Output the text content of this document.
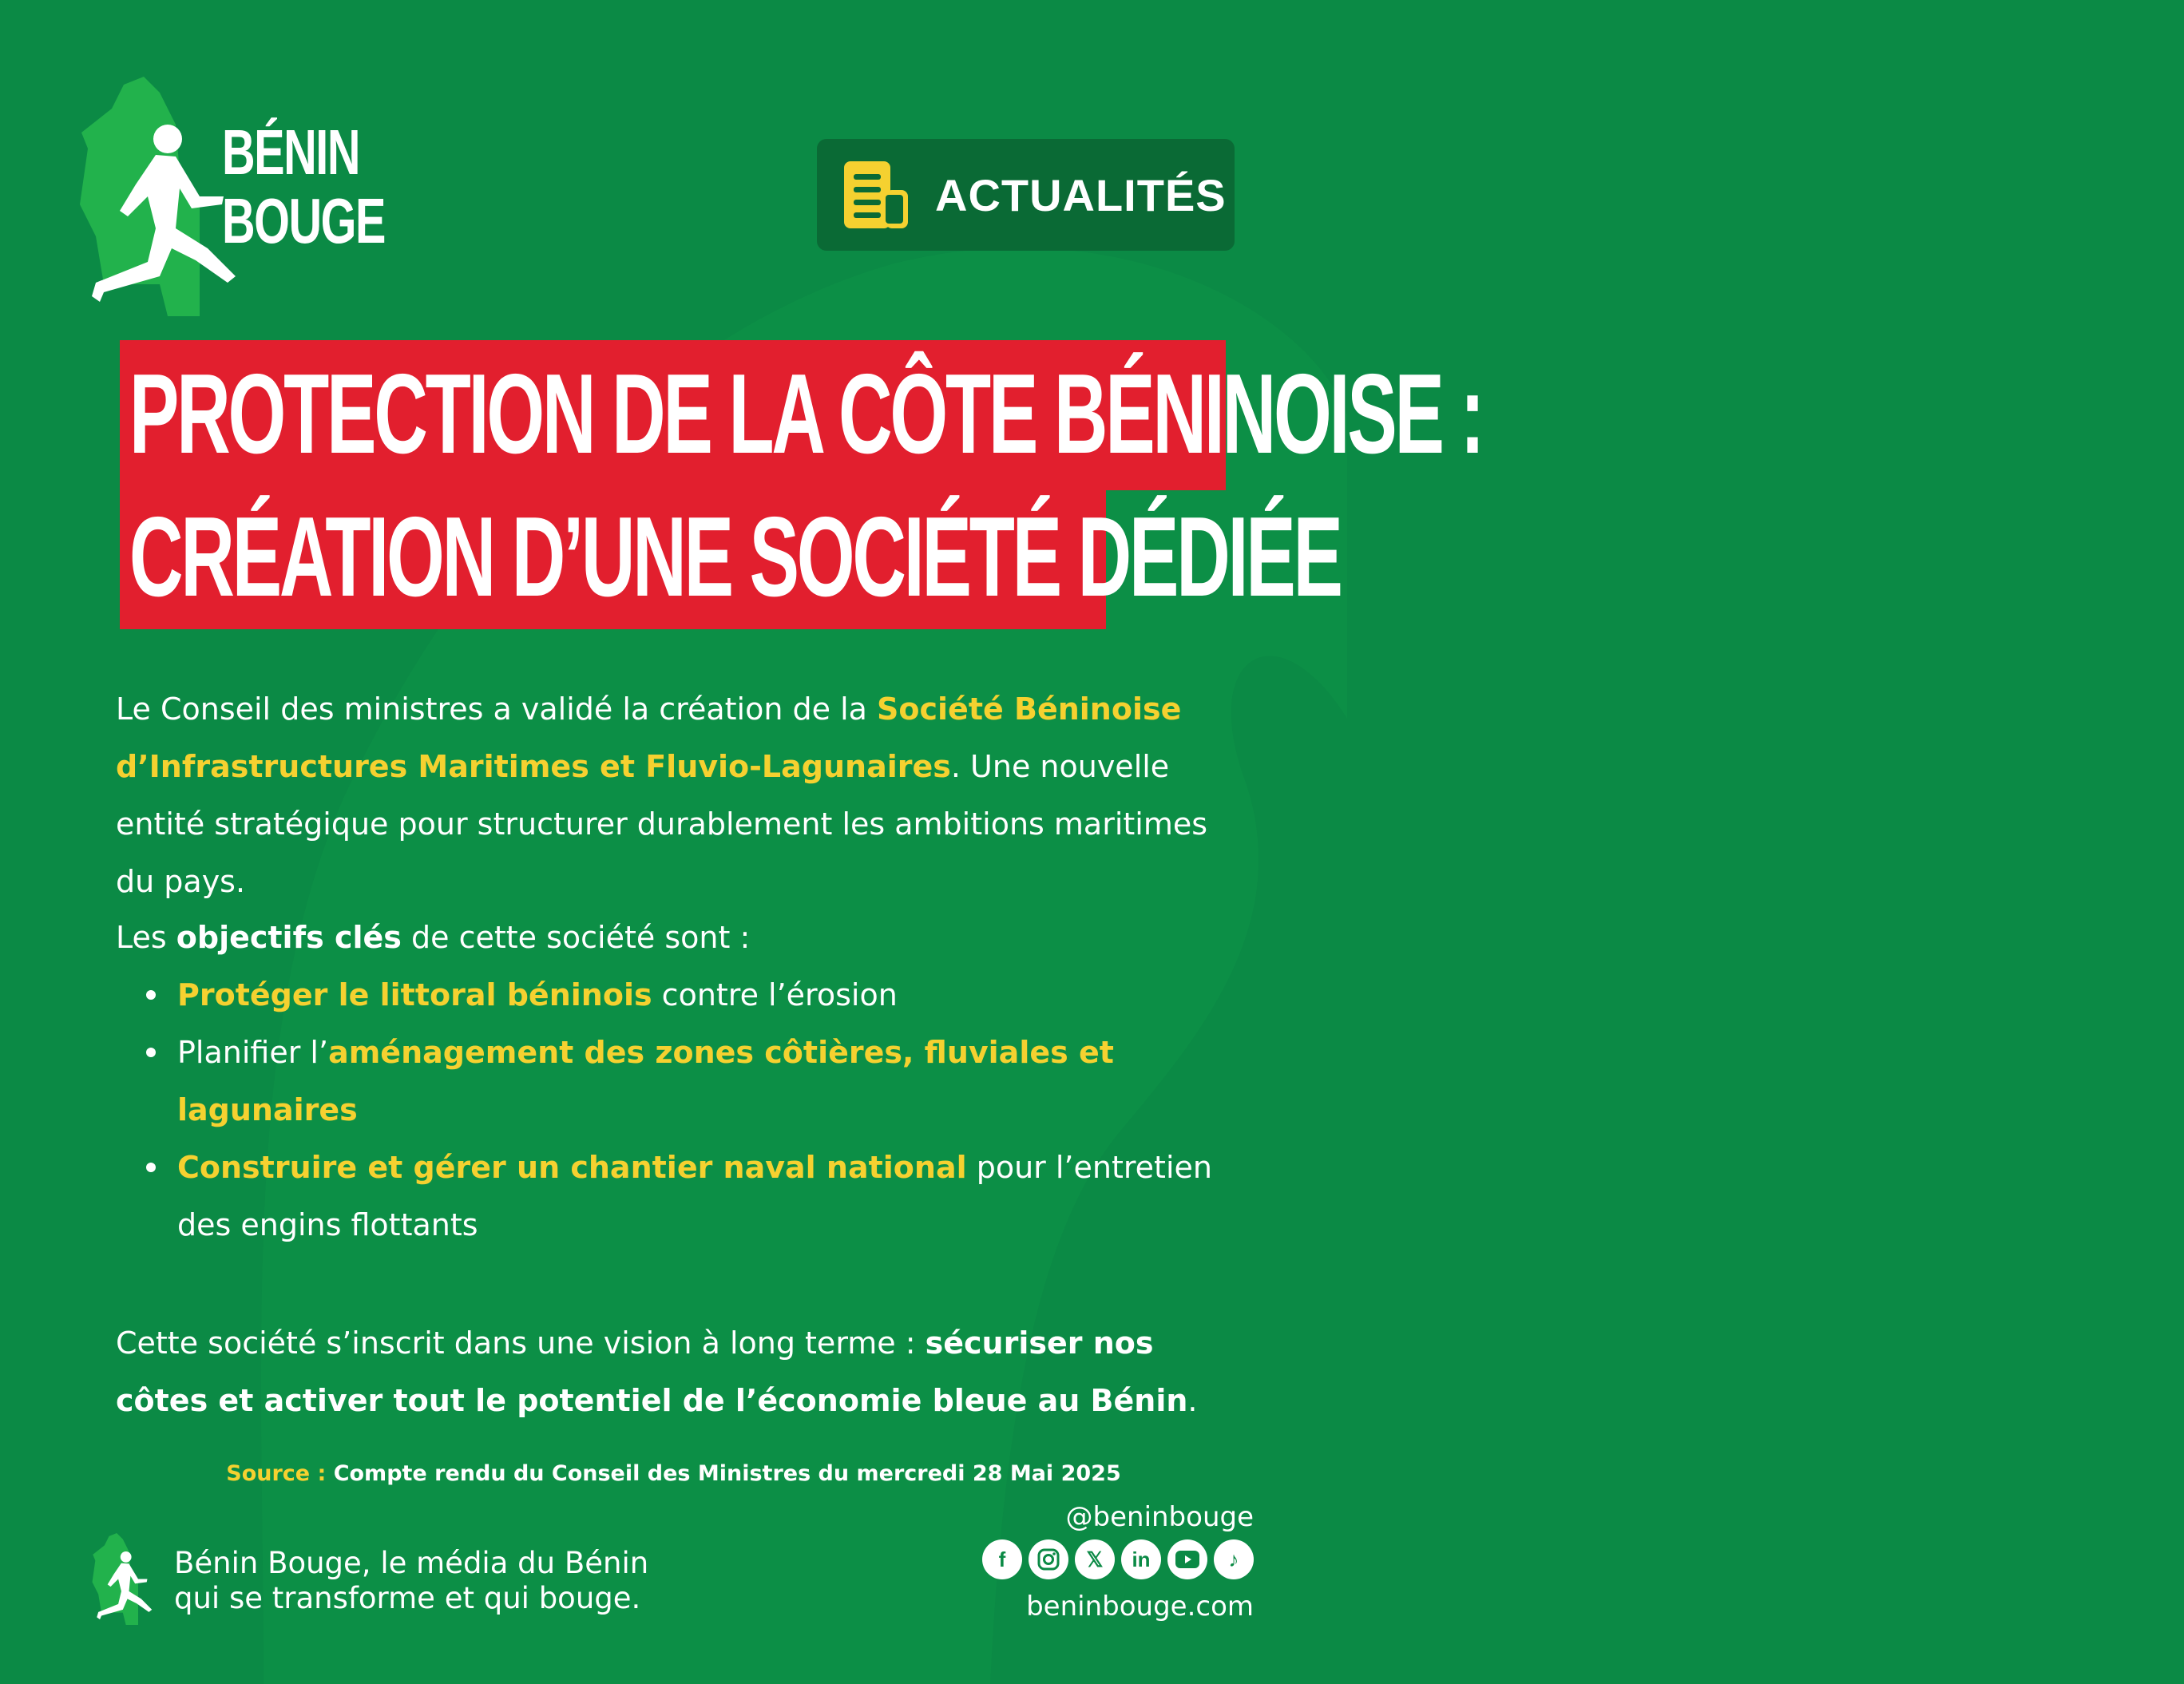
BÉNIN
BOUGE	ACTUALITÉS
PROTECTION DE LA CÔTE BÉNINOISE :
CRÉATION D’UNE SOCIÉTÉ DÉDIÉE
Le Conseil des ministres a validé la création de la Société Béninoise d’Infrastructures Maritimes et Fluvio-Lagunaires. Une nouvelle entité stratégique pour structurer durablement les ambitions maritimes du pays.
Les objectifs clés de cette société sont :
Protéger le littoral béninois contre l’érosion
Planifier l’aménagement des zones côtières, fluviales et lagunaires
Construire et gérer un chantier naval national pour l’entretien des engins flottants
Cette société s’inscrit dans une vision à long terme : sécuriser nos côtes et activer tout le potentiel de l’économie bleue au Bénin.
Source : Compte rendu du Conseil des Ministres du mercredi 28 Mai 2025
Bénin Bouge, le média du Bénin
qui se transforme et qui bouge.
@beninbouge
f	𝕏	in	♪
beninbouge.com
